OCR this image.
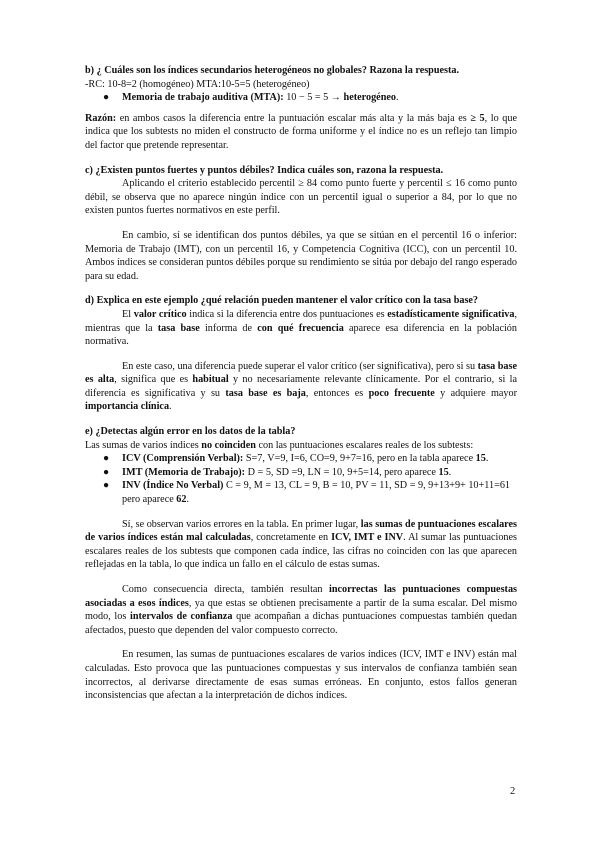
b) ¿ Cuáles son los índices secundarios heterogéneos no globales? Razona la respuesta.

-RC: 10-8=2 (homogéneo) MTA:10-5=5 (heterogéneo)

● Memoria de trabajo auditiva (MTA): 10 − 5 = 5 → heterogéneo.

Razón: en ambos casos la diferencia entre la puntuación escalar más alta y la más baja es ≥ 5, lo que indica que los subtests no miden el constructo de forma uniforme y el índice no es un reflejo tan limpio del factor que pretende representar.

c) ¿Existen puntos fuertes y puntos débiles? Indica cuáles son, razona la respuesta.

Aplicando el criterio establecido percentil ≥ 84 como punto fuerte y percentil ≤ 16 como punto débil, se observa que no aparece ningún índice con un percentil igual o superior a 84, por lo que no existen puntos fuertes normativos en este perfil.

En cambio, sí se identifican dos puntos débiles, ya que se sitúan en el percentil 16 o inferior: Memoria de Trabajo (IMT), con un percentil 16, y Competencia Cognitiva (ICC), con un percentil 10. Ambos índices se consideran puntos débiles porque su rendimiento se sitúa por debajo del rango esperado para su edad.

d) Explica en este ejemplo ¿qué relación pueden mantener el valor crítico con la tasa base?

El valor crítico indica si la diferencia entre dos puntuaciones es estadísticamente significativa, mientras que la tasa base informa de con qué frecuencia aparece esa diferencia en la población normativa.

En este caso, una diferencia puede superar el valor crítico (ser significativa), pero si su tasa base es alta, significa que es habitual y no necesariamente relevante clínicamente. Por el contrario, si la diferencia es significativa y su tasa base es baja, entonces es poco frecuente y adquiere mayor importancia clínica.

e) ¿Detectas algún error en los datos de la tabla?

Las sumas de varios índices no coinciden con las puntuaciones escalares reales de los subtests:

● ICV (Comprensión Verbal): S=7, V=9, I=6, CO=9, 9+7=16, pero en la tabla aparece 15.
● IMT (Memoria de Trabajo): D = 5, SD =9, LN = 10, 9+5=14, pero aparece 15.
● INV (Índice No Verbal) C = 9, M = 13, CL = 9, B = 10, PV = 11, SD = 9, 9+13+9+ 10+11=61 pero aparece 62.

Sí, se observan varios errores en la tabla. En primer lugar, las sumas de puntuaciones escalares de varios índices están mal calculadas, concretamente en ICV, IMT e INV. Al sumar las puntuaciones escalares reales de los subtests que componen cada índice, las cifras no coinciden con las que aparecen reflejadas en la tabla, lo que indica un fallo en el cálculo de estas sumas.

Como consecuencia directa, también resultan incorrectas las puntuaciones compuestas asociadas a esos índices, ya que estas se obtienen precisamente a partir de la suma escalar. Del mismo modo, los intervalos de confianza que acompañan a dichas puntuaciones compuestas también quedan afectados, puesto que dependen del valor compuesto correcto.

En resumen, las sumas de puntuaciones escalares de varios índices (ICV, IMT e INV) están mal calculadas. Esto provoca que las puntuaciones compuestas y sus intervalos de confianza también sean incorrectos, al derivarse directamente de esas sumas erróneas. En conjunto, estos fallos generan inconsistencias que afectan a la interpretación de dichos índices.

2
